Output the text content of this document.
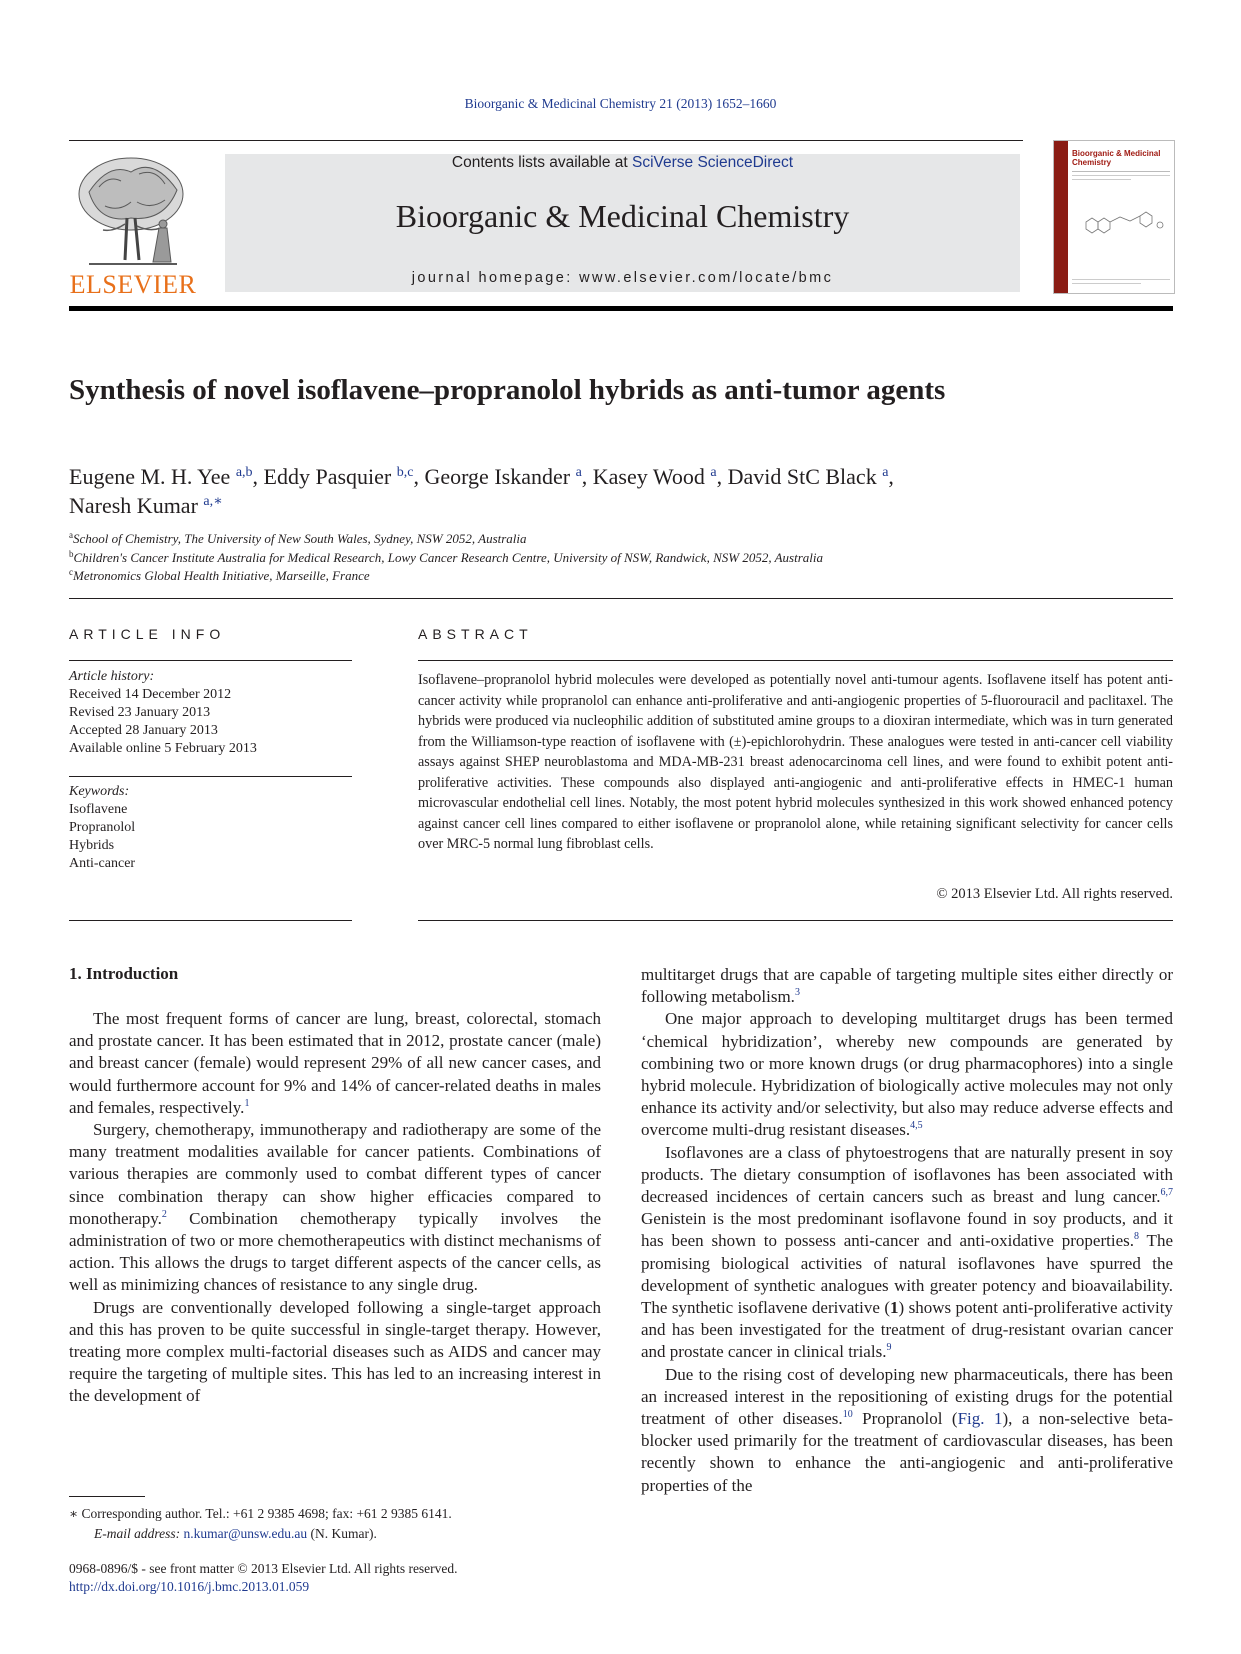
Bioorganic & Medicinal Chemistry 21 (2013) 1652–1660
ELSEVIER
Contents lists available at SciVerse ScienceDirect
Bioorganic & Medicinal Chemistry
journal homepage: www.elsevier.com/locate/bmc
Bioorganic & Medicinal Chemistry
Synthesis of novel isoflavene–propranolol hybrids as anti-tumor agents
Eugene M. H. Yee $^{a,b}$, Eddy Pasquier $^{b,c}$, George Iskander $^a$, Kasey Wood $^a$, David StC Black $^a$,
Naresh Kumar $^{a,∗}$
$^a$School of Chemistry, The University of New South Wales, Sydney, NSW 2052, Australia
$^b$Children's Cancer Institute Australia for Medical Research, Lowy Cancer Research Centre, University of NSW, Randwick, NSW 2052, Australia
$^c$Metronomics Global Health Initiative, Marseille, France
ARTICLE INFO
Article history:
Received 14 December 2012
Revised 23 January 2013
Accepted 28 January 2013
Available online 5 February 2013
Keywords:
Isoflavene
Propranolol
Hybrids
Anti-cancer
ABSTRACT
Isoflavene–propranolol hybrid molecules were developed as potentially novel anti-tumour agents. Isoflavene itself has potent anti-cancer activity while propranolol can enhance anti-proliferative and anti-angiogenic properties of 5-fluorouracil and paclitaxel. The hybrids were produced via nucleophilic addition of substituted amine groups to a dioxiran intermediate, which was in turn generated from the Williamson-type reaction of isoflavene with (±)-epichlorohydrin. These analogues were tested in anti-cancer cell viability assays against SHEP neuroblastoma and MDA-MB-231 breast adenocarcinoma cell lines, and were found to exhibit potent anti-proliferative activities. These compounds also displayed anti-angiogenic and anti-proliferative effects in HMEC-1 human microvascular endothelial cell lines. Notably, the most potent hybrid molecules synthesized in this work showed enhanced potency against cancer cell lines compared to either isoflavene or propranolol alone, while retaining significant selectivity for cancer cells over MRC-5 normal lung fibroblast cells.
© 2013 Elsevier Ltd. All rights reserved.
1. Introduction

The most frequent forms of cancer are lung, breast, colorectal, stomach and prostate cancer. It has been estimated that in 2012, prostate cancer (male) and breast cancer (female) would represent 29% of all new cancer cases, and would furthermore account for 9% and 14% of cancer-related deaths in males and females, respectively.$^1$

Surgery, chemotherapy, immunotherapy and radiotherapy are some of the many treatment modalities available for cancer patients. Combinations of various therapies are commonly used to combat different types of cancer since combination therapy can show higher efficacies compared to monotherapy.$^2$ Combination chemotherapy typically involves the administration of two or more chemotherapeutics with distinct mechanisms of action. This allows the drugs to target different aspects of the cancer cells, as well as minimizing chances of resistance to any single drug.

Drugs are conventionally developed following a single-target approach and this has proven to be quite successful in single-target therapy. However, treating more complex multi-factorial diseases such as AIDS and cancer may require the targeting of multiple sites. This has led to an increasing interest in the development of

multitarget drugs that are capable of targeting multiple sites either directly or following metabolism.$^3$

One major approach to developing multitarget drugs has been termed ‘chemical hybridization’, whereby new compounds are generated by combining two or more known drugs (or drug pharmacophores) into a single hybrid molecule. Hybridization of biologically active molecules may not only enhance its activity and/or selectivity, but also may reduce adverse effects and overcome multi-drug resistant diseases.$^{4,5}$

Isoflavones are a class of phytoestrogens that are naturally present in soy products. The dietary consumption of isoflavones has been associated with decreased incidences of certain cancers such as breast and lung cancer.$^{6,7}$ Genistein is the most predominant isoflavone found in soy products, and it has been shown to possess anti-cancer and anti-oxidative properties.$^8$ The promising biological activities of natural isoflavones have spurred the development of synthetic analogues with greater potency and bioavailability. The synthetic isoflavene derivative (1) shows potent anti-proliferative activity and has been investigated for the treatment of drug-resistant ovarian cancer and prostate cancer in clinical trials.$^9$

Due to the rising cost of developing new pharmaceuticals, there has been an increased interest in the repositioning of existing drugs for the potential treatment of other diseases.$^{10}$ Propranolol (Fig. 1), a non-selective beta-blocker used primarily for the treatment of cardiovascular diseases, has been recently shown to enhance the anti-angiogenic and anti-proliferative properties of the

∗ Corresponding author. Tel.: +61 2 9385 4698; fax: +61 2 9385 6141.
E-mail address: n.kumar@unsw.edu.au (N. Kumar).
0968-0896/$ - see front matter © 2013 Elsevier Ltd. All rights reserved.
http://dx.doi.org/10.1016/j.bmc.2013.01.059
